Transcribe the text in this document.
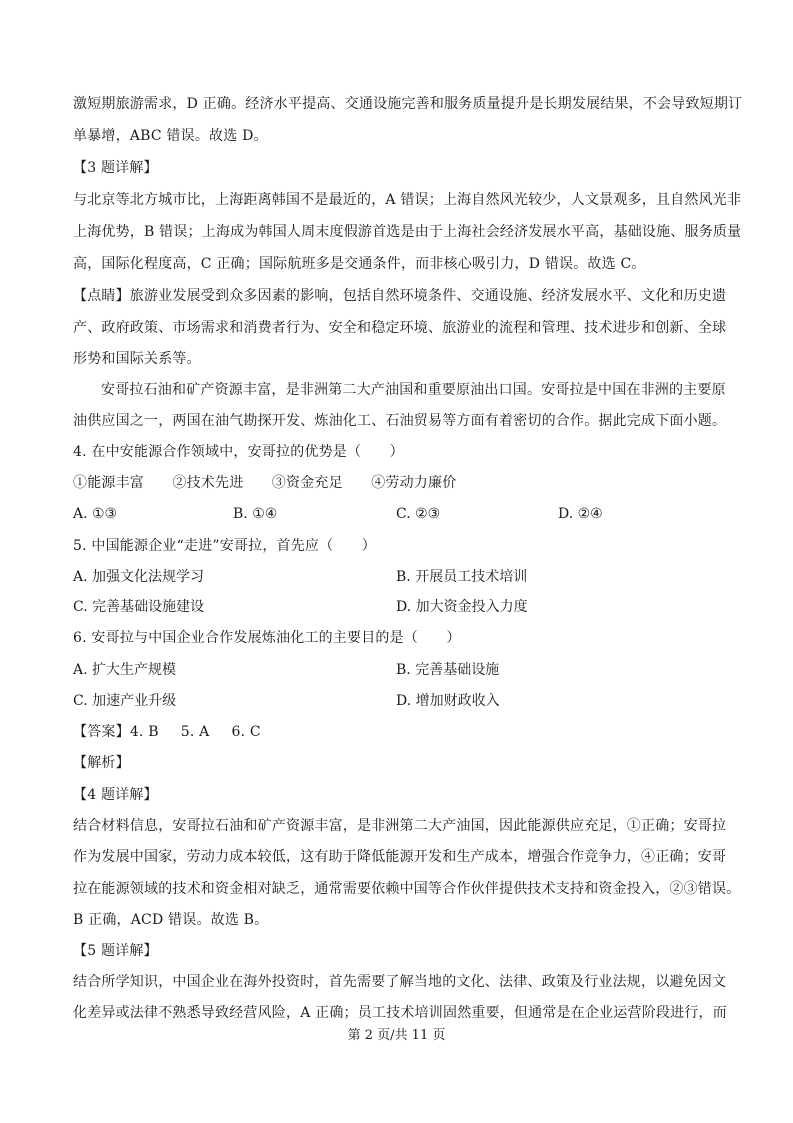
激短期旅游需求，D 正确。经济水平提高、交通设施完善和服务质量提升是长期发展结果，不会导致短期订
单暴增，ABC 错误。故选 D。
【3 题详解】
与北京等北方城市比，上海距离韩国不是最近的，A 错误；上海自然风光较少，人文景观多，且自然风光非
上海优势，B 错误；上海成为韩国人周末度假游首选是由于上海社会经济发展水平高，基础设施、服务质量
高，国际化程度高，C 正确；国际航班多是交通条件，而非核心吸引力，D 错误。故选 C。
【点睛】旅游业发展受到众多因素的影响，包括自然环境条件、交通设施、经济发展水平、文化和历史遗
产、政府政策、市场需求和消费者行为、安全和稳定环境、旅游业的流程和管理、技术进步和创新、全球
形势和国际关系等。
安哥拉石油和矿产资源丰富，是非洲第二大产油国和重要原油出口国。安哥拉是中国在非洲的主要原
油供应国之一，两国在油气勘探开发、炼油化工、石油贸易等方面有着密切的合作。据此完成下面小题。
4. 在中安能源合作领域中，安哥拉的优势是（　　）
①能源丰富　　②技术先进　　③资金充足　　④劳动力廉价
A. ①③	B. ①④	C. ②③	D. ②④
5. 中国能源企业“走进”安哥拉，首先应（　　）
A. 加强文化法规学习	B. 开展员工技术培训
C. 完善基础设施建设	D. 加大资金投入力度
6. 安哥拉与中国企业合作发展炼油化工的主要目的是（　　）
A. 扩大生产规模	B. 完善基础设施
C. 加速产业升级	D. 增加财政收入
【答案】4. B 5. A 6. C
【解析】
【4 题详解】
结合材料信息，安哥拉石油和矿产资源丰富，是非洲第二大产油国，因此能源供应充足，①正确；安哥拉
作为发展中国家，劳动力成本较低，这有助于降低能源开发和生产成本，增强合作竞争力，④正确；安哥
拉在能源领域的技术和资金相对缺乏，通常需要依赖中国等合作伙伴提供技术支持和资金投入，②③错误。
B 正确，ACD 错误。故选 B。
【5 题详解】
结合所学知识，中国企业在海外投资时，首先需要了解当地的文化、法律、政策及行业法规，以避免因文
化差异或法律不熟悉导致经营风险，A 正确；员工技术培训固然重要，但通常是在企业运营阶段进行，而
第 2 页/共 11 页
